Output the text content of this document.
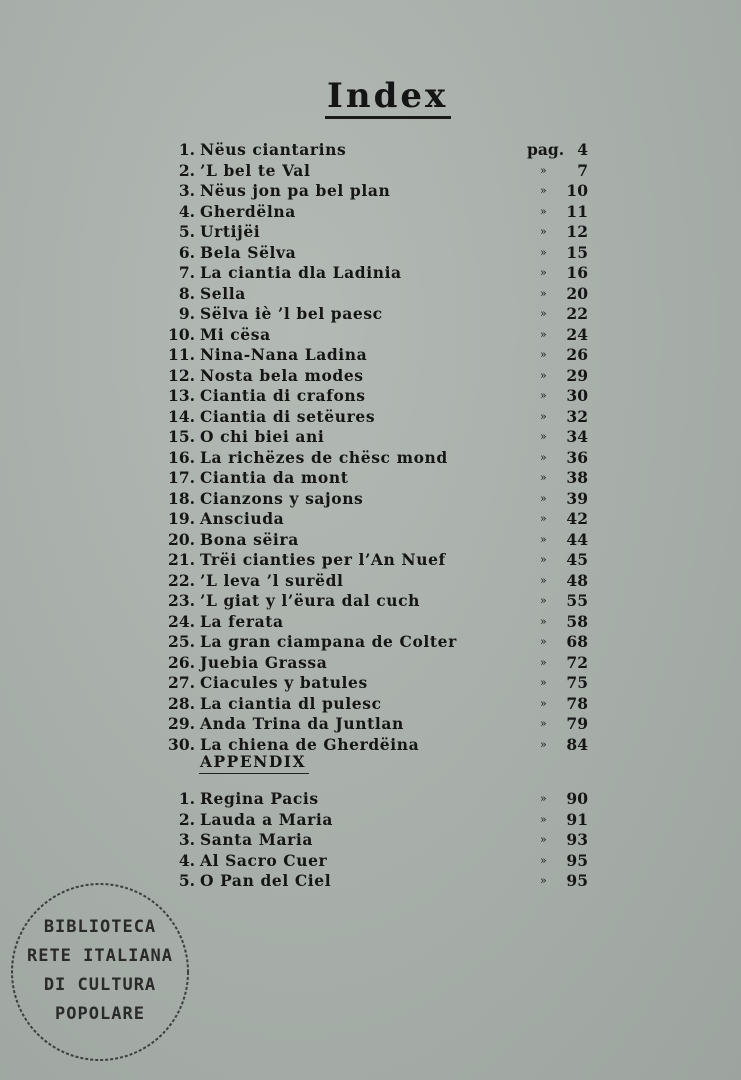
Index
1. Nëus ciantarins	pag. 4
2. ’L bel te Val	» 7
3. Nëus jon pa bel plan	» 10
4. Gherdëlna	» 11
5. Urtijëi	» 12
6. Bela Sëlva	» 15
7. La ciantia dla Ladinia	» 16
8. Sella	» 20
9. Sëlva iè ’l bel paesc	» 22
10. Mi cësa	» 24
11. Nina-Nana Ladina	» 26
12. Nosta bela modes	» 29
13. Ciantia di crafons	» 30
14. Ciantia di setëures	» 32
15. O chi biei ani	» 34
16. La richëzes de chësc mond	» 36
17. Ciantia da mont	» 38
18. Cianzons y sajons	» 39
19. Ansciuda	» 42
20. Bona sëira	» 44
21. Trëi cianties per l’An Nuef	» 45
22. ’L leva ’l surëdl	» 48
23. ’L giat y l’ëura dal cuch	» 55
24. La ferata	» 58
25. La gran ciampana de Colter	» 68
26. Juebia Grassa	» 72
27. Ciacules y batules	» 75
28. La ciantia dl pulesc	» 78
29. Anda Trina da Juntlan	» 79
30. La chiena de Gherdëina	» 84
APPENDIX
1. Regina Pacis	» 90
2. Lauda a Maria	» 91
3. Santa Maria	» 93
4. Al Sacro Cuer	» 95
5. O Pan del Ciel	» 95
BIBLIOTECA
RETE ITALIANA
DI CULTURA
POPOLARE
